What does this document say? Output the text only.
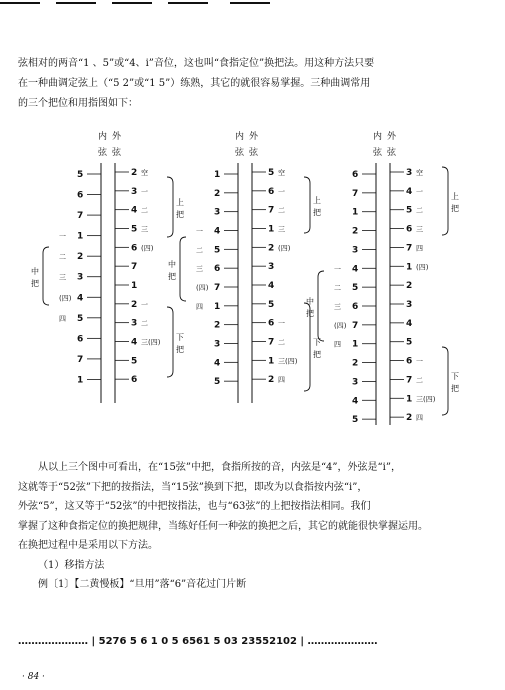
弦相对的两音“1 、5”或“4、i”音位，这也叫“食指定位”换把法。用这种方法只要

在一种曲调定弦上（“5 2”或“1 5”）练熟，其它的就很容易掌握。三种曲调常用

的三个把位和用指图如下：

内 外
弦 弦
5
6
7
1
一
2
二
3
三
4
(四)
5
四
6
7
1
2 空
3 一
4 二
5 三
6 (四)
7
1
2 一
3 二
4 三(四)
5
6
上
把
下
把
中
把
内 外
弦 弦
1
2
3
4
一
5
二
6
三
7
(四)
1
四
2
3
4
5
5 空
6 一
7 二
1 三
2 (四)
3
4
5
6 一
7 二
1 三(四)
2 四
上
把
下
把
中
把
内 外
弦 弦
6
7
1
2
3
4
一
5
二
6
三
7
(四)
1
四
2
3
4
5
3 空
4 一
5 二
6 三
7 四
1 (四)
2
3
4
5
6 一
7 二
1 三(四)
2 四
上
把
下
把
中
把

从以上三个图中可看出，在“15弦”中把，食指所按的音，内弦是“4”，外弦是“i”，

这就等于“52弦”下把的按指法，当“15弦”换到下把，即改为以食指按内弦“i”，

外弦“5”，这又等于“52弦”的中把按指法，也与“63弦”的上把按指法相同。我们

掌握了这种食指定位的换把规律，当练好任何一种弦的换把之后，其它的就能很快掌握运用。

在换把过程中是采用以下方法。

（1）移指方法

例〔1〕【二黄慢板】“旦用”落“6”音花过门片断

………………… | 5276 5 6 1 0 5 6561 5 03 23552102 | …………………
· 84 ·
